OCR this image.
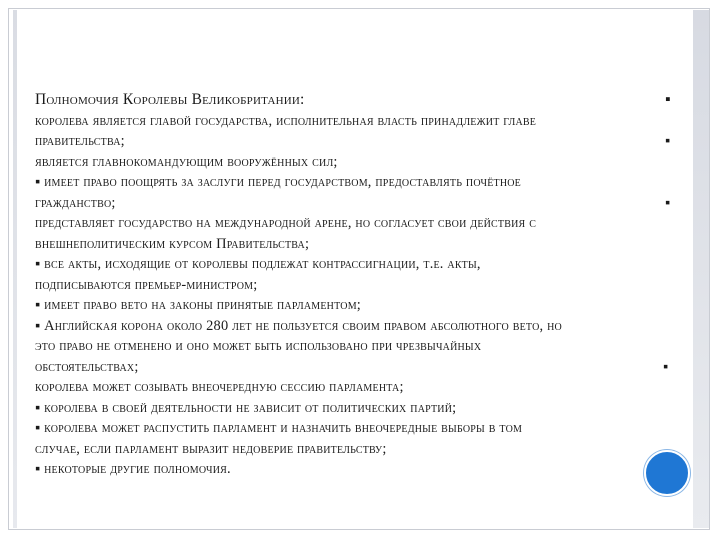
Полномочия Королевы Великобритании:	▪
королева является главой государства, исполнительная власть принадлежит главе
правительства;	▪
является главнокомандующим вооружённых сил;
▪ имеет право поощрять за заслуги перед государством, предоставлять почётное
гражданство;	▪
представляет государство на международной арене, но согласует свои действия с
внешнеполитическим курсом Правительства;
▪ все акты, исходящие от королевы подлежат контрассигнации, т.е. акты,
подписываются премьер-министром;
▪ имеет право вето на законы принятые парламентом;
▪ Английская корона около 280 лет не пользуется своим правом абсолютного вето, но
это право не отменено и оно может быть использовано при чрезвычайных
обстоятельствах;	▪
королева может созывать внеочередную сессию парламента;
▪ королева в своей деятельности не зависит от политических партий;
▪ королева может распустить парламент и назначить внеочередные выборы в том
случае, если парламент выразит недоверие правительству;
▪ некоторые другие полномочия.
